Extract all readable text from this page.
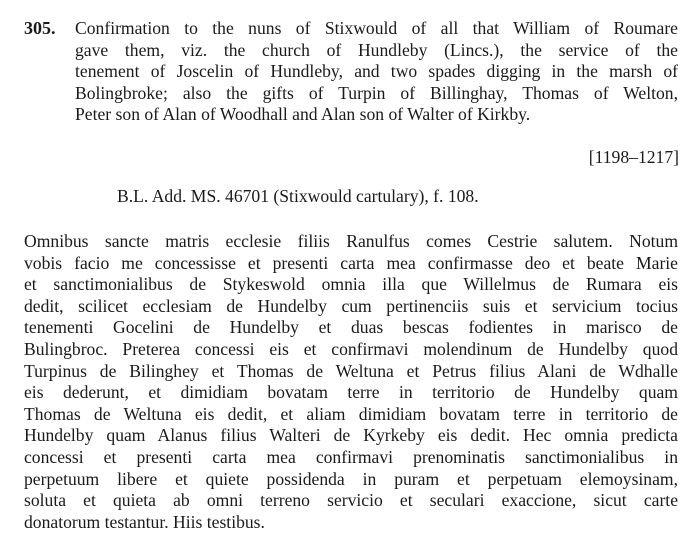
305. Confirmation to the nuns of Stixwould of all that William of Roumare
gave them, viz. the church of Hundleby (Lincs.), the service of the
tenement of Joscelin of Hundleby, and two spades digging in the marsh of
Bolingbroke; also the gifts of Turpin of Billinghay, Thomas of Welton,
Peter son of Alan of Woodhall and Alan son of Walter of Kirkby.
[1198–1217]
B.L. Add. MS. 46701 (Stixwould cartulary), f. 108.
Omnibus sancte matris ecclesie filiis Ranulfus comes Cestrie salutem. Notum
vobis facio me concessisse et presenti carta mea confirmasse deo et beate Marie
et sanctimonialibus de Stykeswold omnia illa que Willelmus de Rumara eis
dedit, scilicet ecclesiam de Hundelby cum pertinenciis suis et servicium tocius
tenementi Gocelini de Hundelby et duas bescas fodientes in marisco de
Bulingbroc. Preterea concessi eis et confirmavi molendinum de Hundelby quod
Turpinus de Bilinghey et Thomas de Weltuna et Petrus filius Alani de Wdhalle
eis dederunt, et dimidiam bovatam terre in territorio de Hundelby quam
Thomas de Weltuna eis dedit, et aliam dimidiam bovatam terre in territorio de
Hundelby quam Alanus filius Walteri de Kyrkeby eis dedit. Hec omnia predicta
concessi et presenti carta mea confirmavi prenominatis sanctimonialibus in
perpetuum libere et quiete possidenda in puram et perpetuam elemoysinam,
soluta et quieta ab omni terreno servicio et seculari exaccione, sicut carte
donatorum testantur. Hiis testibus.
